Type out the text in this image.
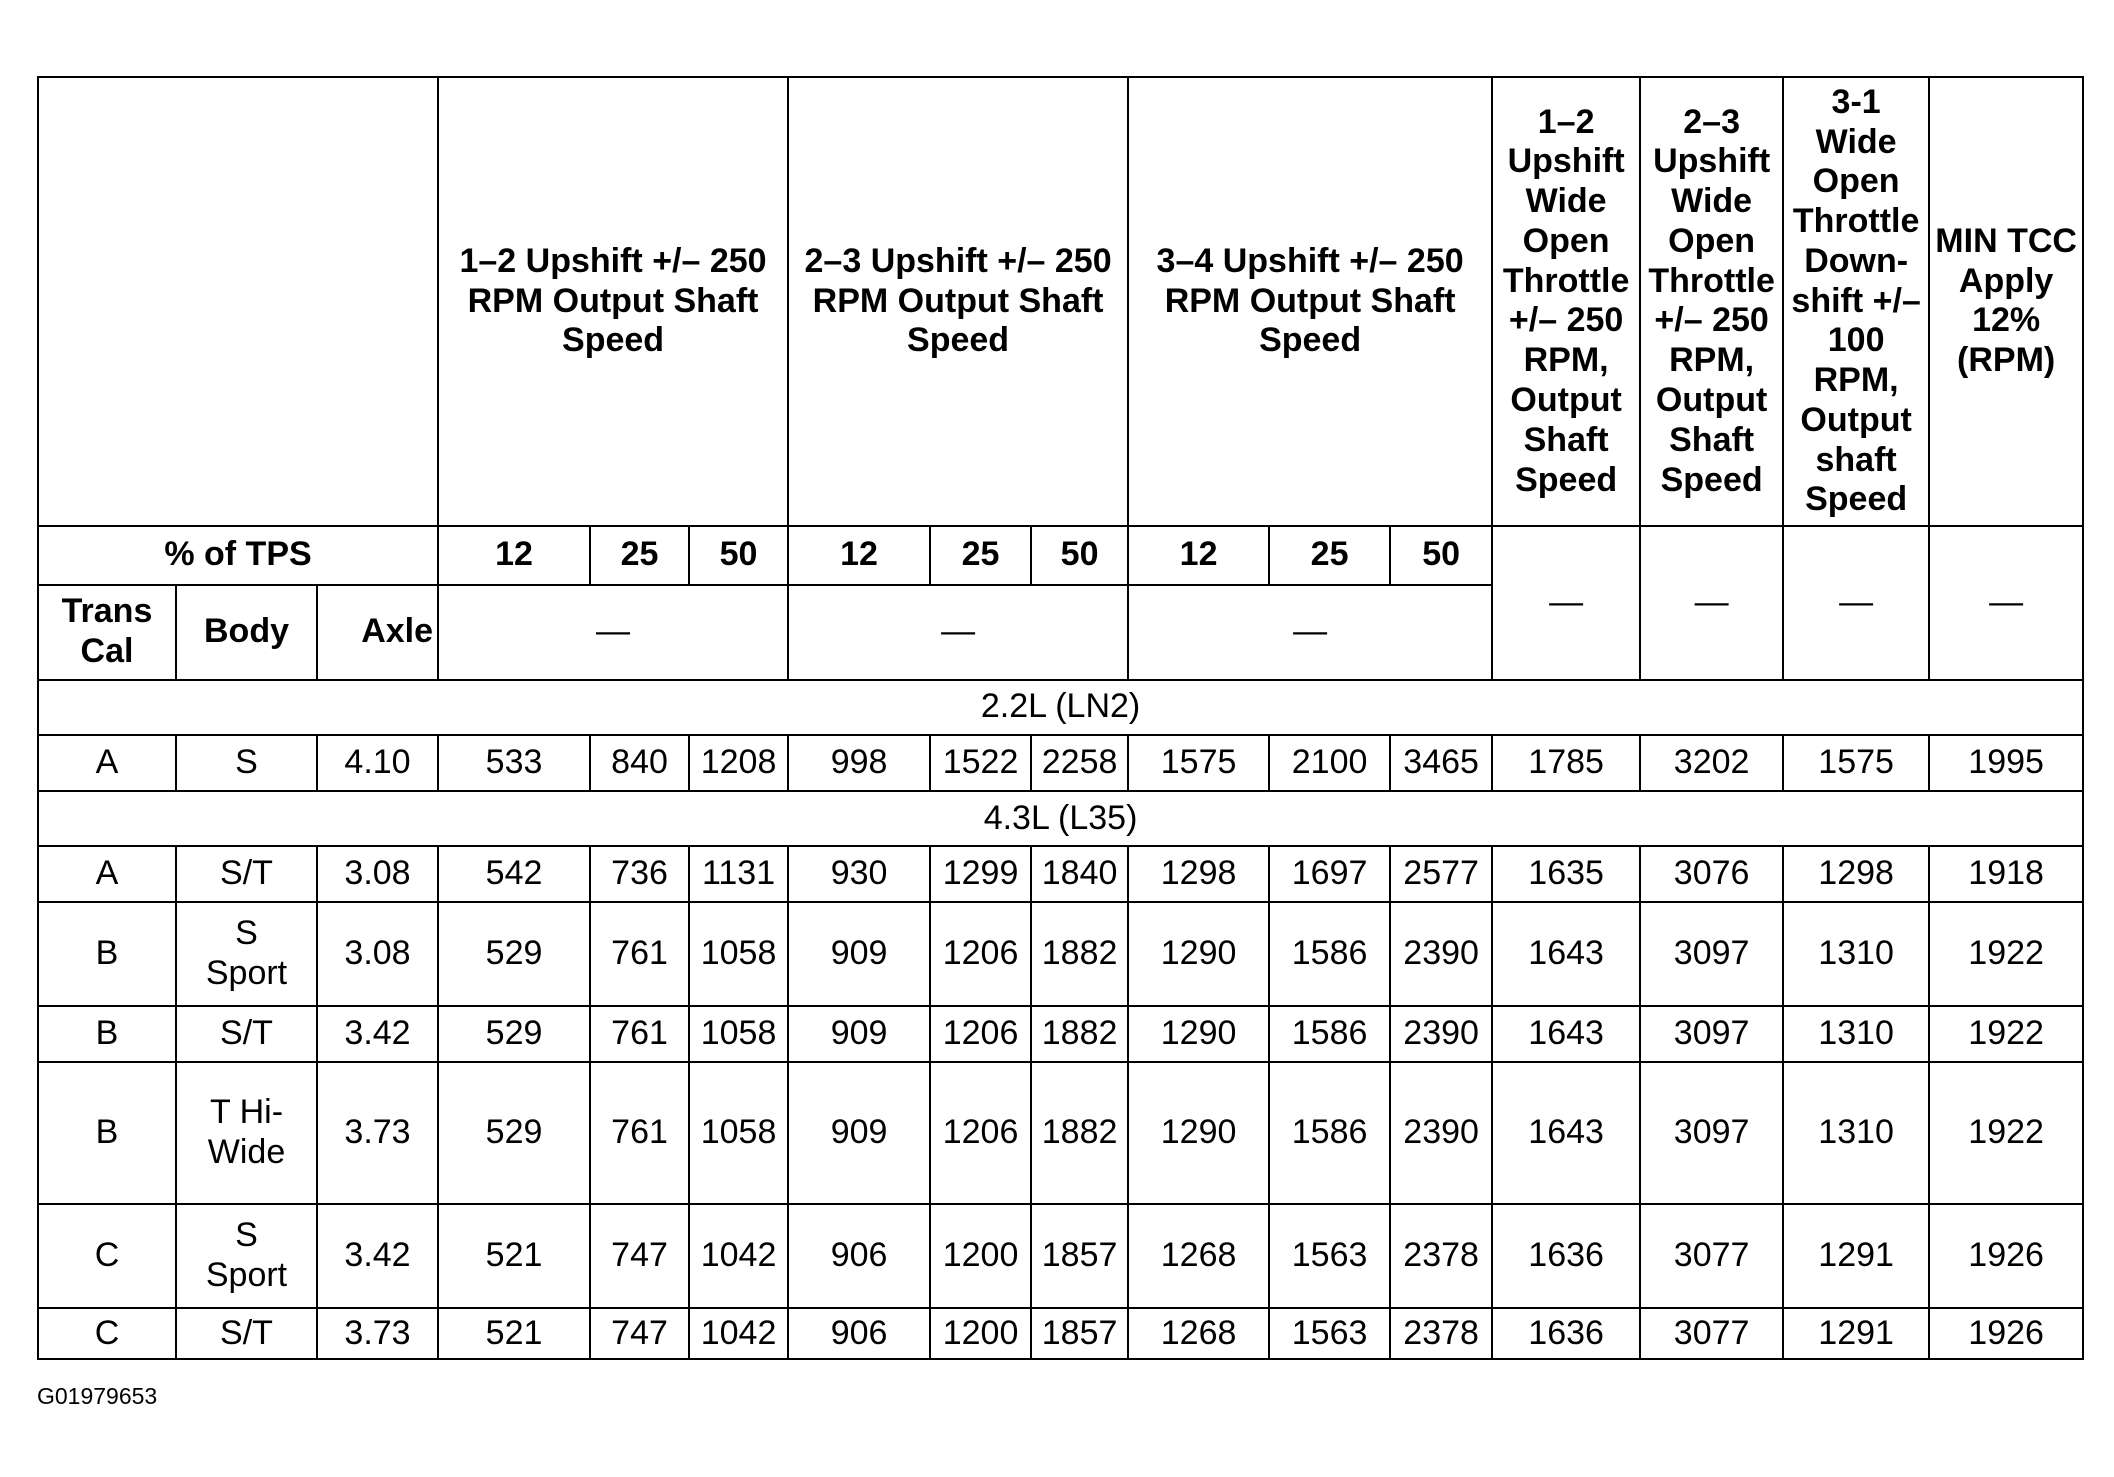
			1–2 Upshift +/– 250 RPM Output Shaft Speed			2–3 Upshift +/– 250 RPM Output Shaft Speed			3–4 Upshift +/– 250 RPM Output Shaft Speed			1–2 Upshift Wide Open Throttle +/– 250 RPM, Output Shaft Speed	2–3 Upshift Wide Open Throttle +/– 250 RPM, Output Shaft Speed	3-1 Wide Open Throttle Down-shift +/– 100 RPM, Output shaft Speed	MIN TCC Apply 12% (RPM)
% of TPS			12	25	50	12	25	50	12	25	50	—	—	—	—
Trans Cal	Body	Axle	—			—			—						
2.2L (LN2)															
A	S	4.10	533	840	1208	998	1522	2258	1575	2100	3465	1785	3202	1575	1995
4.3L (L35)															
A	S/T	3.08	542	736	1131	930	1299	1840	1298	1697	2577	1635	3076	1298	1918
B	S Sport	3.08	529	761	1058	909	1206	1882	1290	1586	2390	1643	3097	1310	1922
B	S/T	3.42	529	761	1058	909	1206	1882	1290	1586	2390	1643	3097	1310	1922
B	T Hi-Wide	3.73	529	761	1058	909	1206	1882	1290	1586	2390	1643	3097	1310	1922
C	S Sport	3.42	521	747	1042	906	1200	1857	1268	1563	2378	1636	3077	1291	1926
C	S/T	3.73	521	747	1042	906	1200	1857	1268	1563	2378	1636	3077	1291	1926
G01979653
